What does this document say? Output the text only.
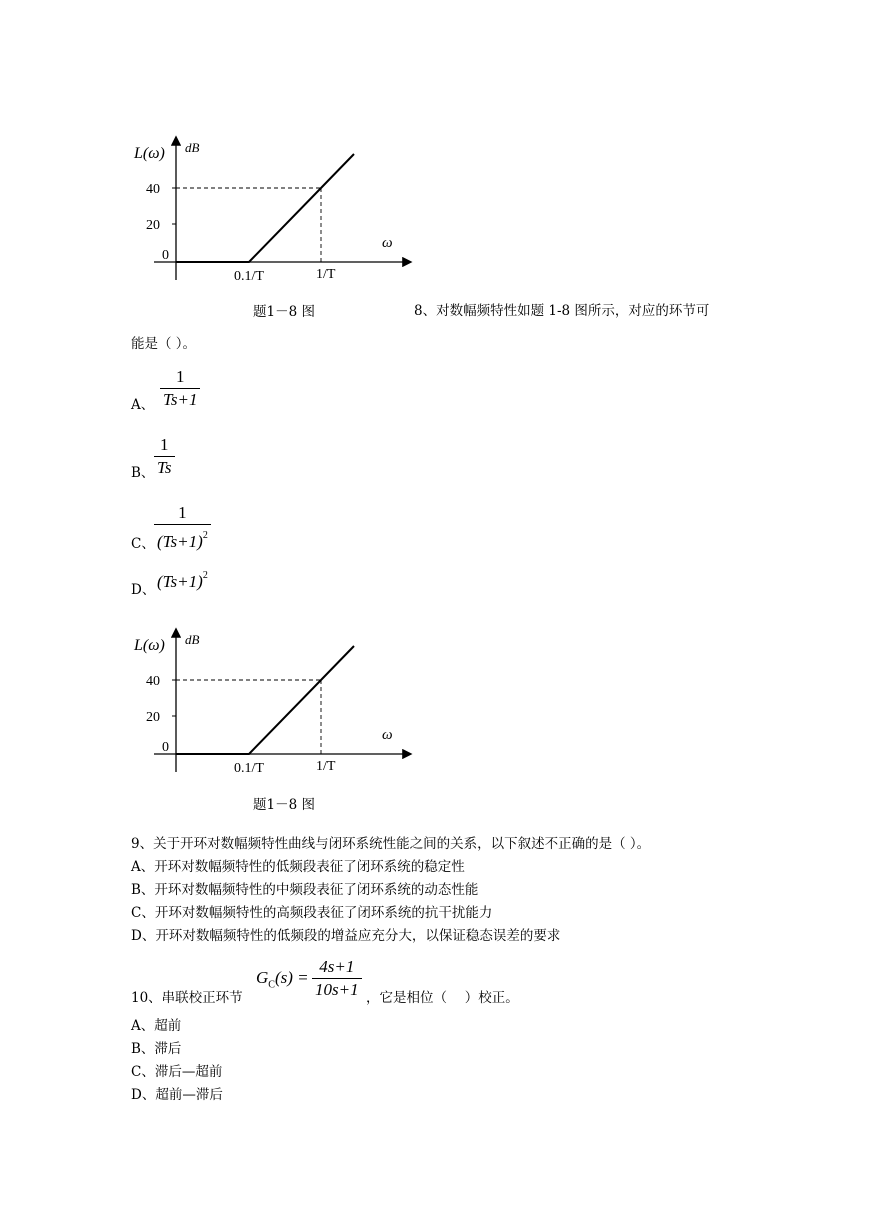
L(ω) dB
40
20
0
ω
0.1/T	1/T
题1－8 图	8、对数幅频特性如题 1-8 图所示，对应的环节可
能是（ ）。
A、 $\frac{1}{Ts+1}$
B、 $\frac{1}{Ts}$
C、 $\frac{1}{(Ts+1)^2}$
D、 $(Ts+1)^2$
L(ω) dB
40
20
0
ω
0.1/T	1/T
题1－8 图
9、关于开环对数幅频特性曲线与闭环系统性能之间的关系，以下叙述不正确的是（ ）。
A、开环对数幅频特性的低频段表征了闭环系统的稳定性
B、开环对数幅频特性的中频段表征了闭环系统的动态性能
C、开环对数幅频特性的高频段表征了闭环系统的抗干扰能力
D、开环对数幅频特性的低频段的增益应充分大，以保证稳态误差的要求
10、串联校正环节
$G_C(s) = \frac{4s+1}{10s+1}$ ，它是相位（　 ）校正。
A、超前
B、滞后
C、滞后—超前
D、超前—滞后
